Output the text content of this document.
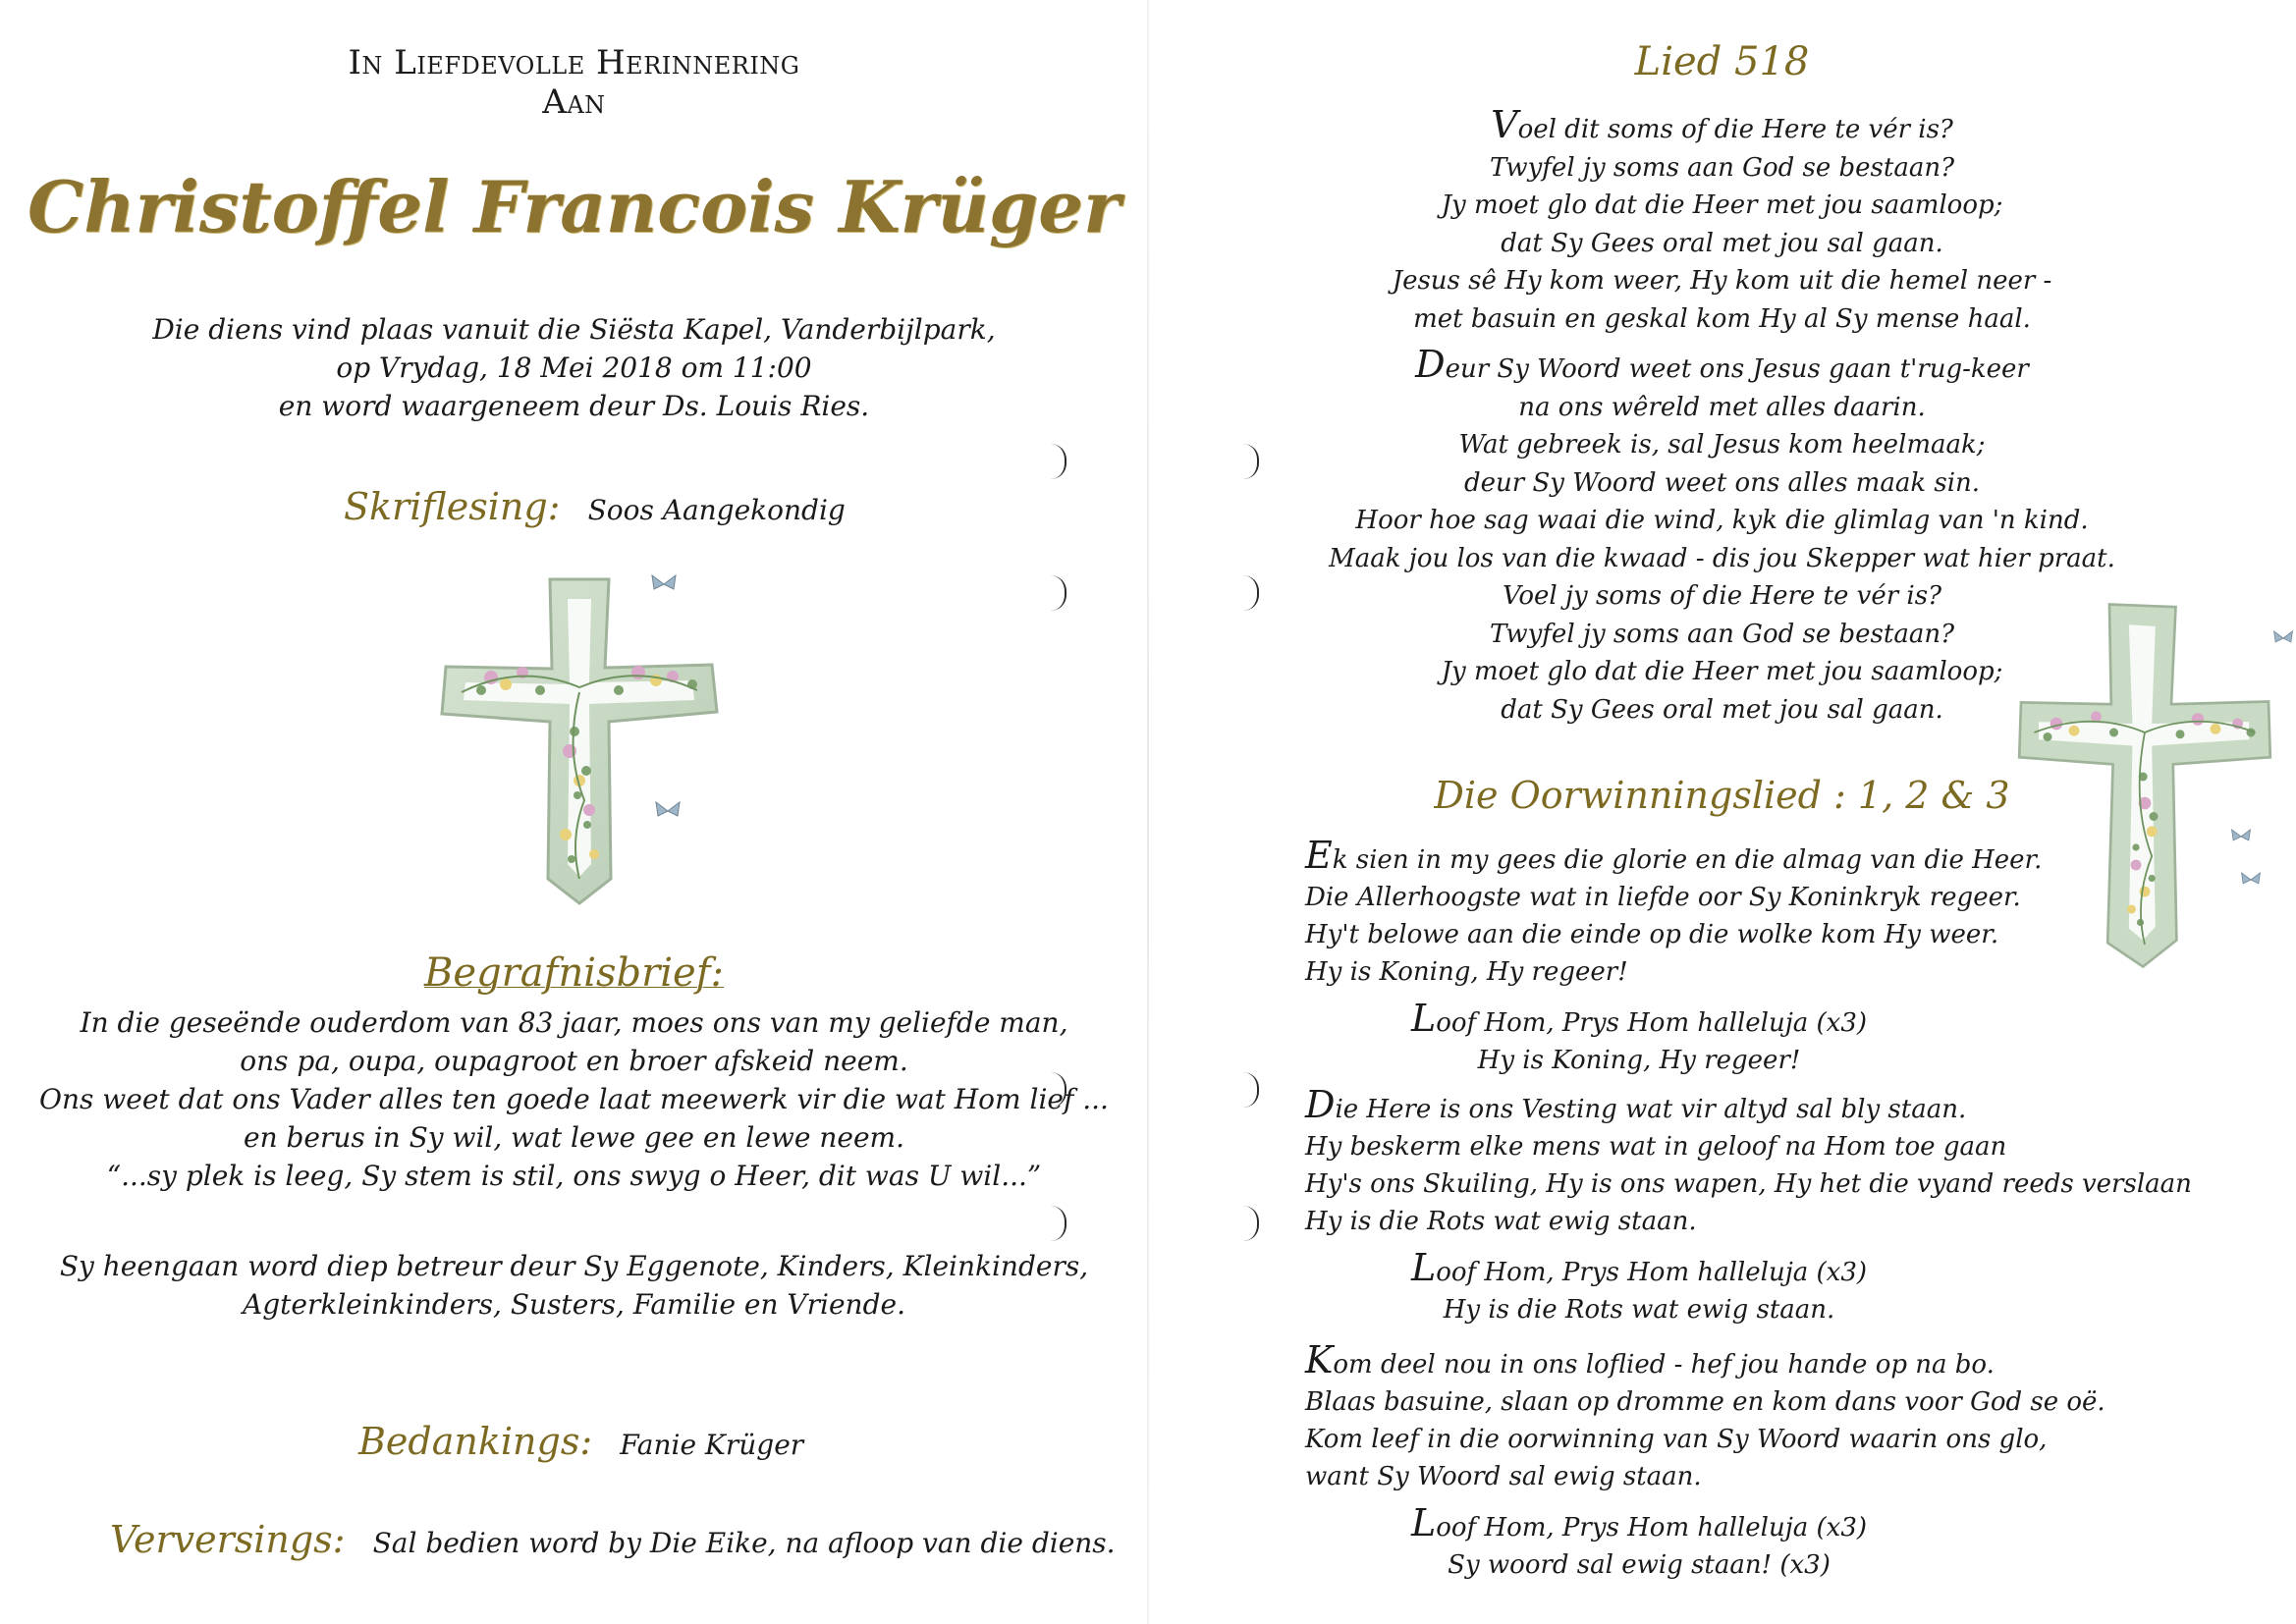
In Liefdevolle Herinnering
Aan
Christoffel Francois Krüger
Die diens vind plaas vanuit die Siësta Kapel, Vanderbijlpark,
op Vrydag, 18 Mei 2018 om 11:00
en word waargeneem deur Ds. Louis Ries.
Skriflesing: Soos Aangekondig
Begrafnisbrief:
In die geseënde ouderdom van 83 jaar, moes ons van my geliefde man,
ons pa, oupa, oupagroot en broer afskeid neem.
Ons weet dat ons Vader alles ten goede laat meewerk vir die wat Hom lief ...
en berus in Sy wil, wat lewe gee en lewe neem.
“...sy plek is leeg, Sy stem is stil, ons swyg o Heer, dit was U wil...”
Sy heengaan word diep betreur deur Sy Eggenote, Kinders, Kleinkinders,
Agterkleinkinders, Susters, Familie en Vriende.
Bedankings: Fanie Krüger
Verversings: Sal bedien word by Die Eike, na afloop van die diens.
Lied 518
Voel dit soms of die Here te vér is?
Twyfel jy soms aan God se bestaan?
Jy moet glo dat die Heer met jou saamloop;
dat Sy Gees oral met jou sal gaan.
Jesus sê Hy kom weer, Hy kom uit die hemel neer -
met basuin en geskal kom Hy al Sy mense haal.
Deur Sy Woord weet ons Jesus gaan t'rug-keer
na ons wêreld met alles daarin.
Wat gebreek is, sal Jesus kom heelmaak;
deur Sy Woord weet ons alles maak sin.
Hoor hoe sag waai die wind, kyk die glimlag van 'n kind.
Maak jou los van die kwaad - dis jou Skepper wat hier praat.
Voel jy soms of die Here te vér is?
Twyfel jy soms aan God se bestaan?
Jy moet glo dat die Heer met jou saamloop;
dat Sy Gees oral met jou sal gaan.
Die Oorwinningslied : 1, 2 & 3
Ek sien in my gees die glorie en die almag van die Heer.
Die Allerhoogste wat in liefde oor Sy Koninkryk regeer.
Hy't belowe aan die einde op die wolke kom Hy weer.
Hy is Koning, Hy regeer!
Loof Hom, Prys Hom halleluja (x3)
Hy is Koning, Hy regeer!
Die Here is ons Vesting wat vir altyd sal bly staan.
Hy beskerm elke mens wat in geloof na Hom toe gaan
Hy's ons Skuiling, Hy is ons wapen, Hy het die vyand reeds verslaan
Hy is die Rots wat ewig staan.
Loof Hom, Prys Hom halleluja (x3)
Hy is die Rots wat ewig staan.
Kom deel nou in ons loflied - hef jou hande op na bo.
Blaas basuine, slaan op dromme en kom dans voor God se oë.
Kom leef in die oorwinning van Sy Woord waarin ons glo,
want Sy Woord sal ewig staan.
Loof Hom, Prys Hom halleluja (x3)
Sy woord sal ewig staan! (x3)
